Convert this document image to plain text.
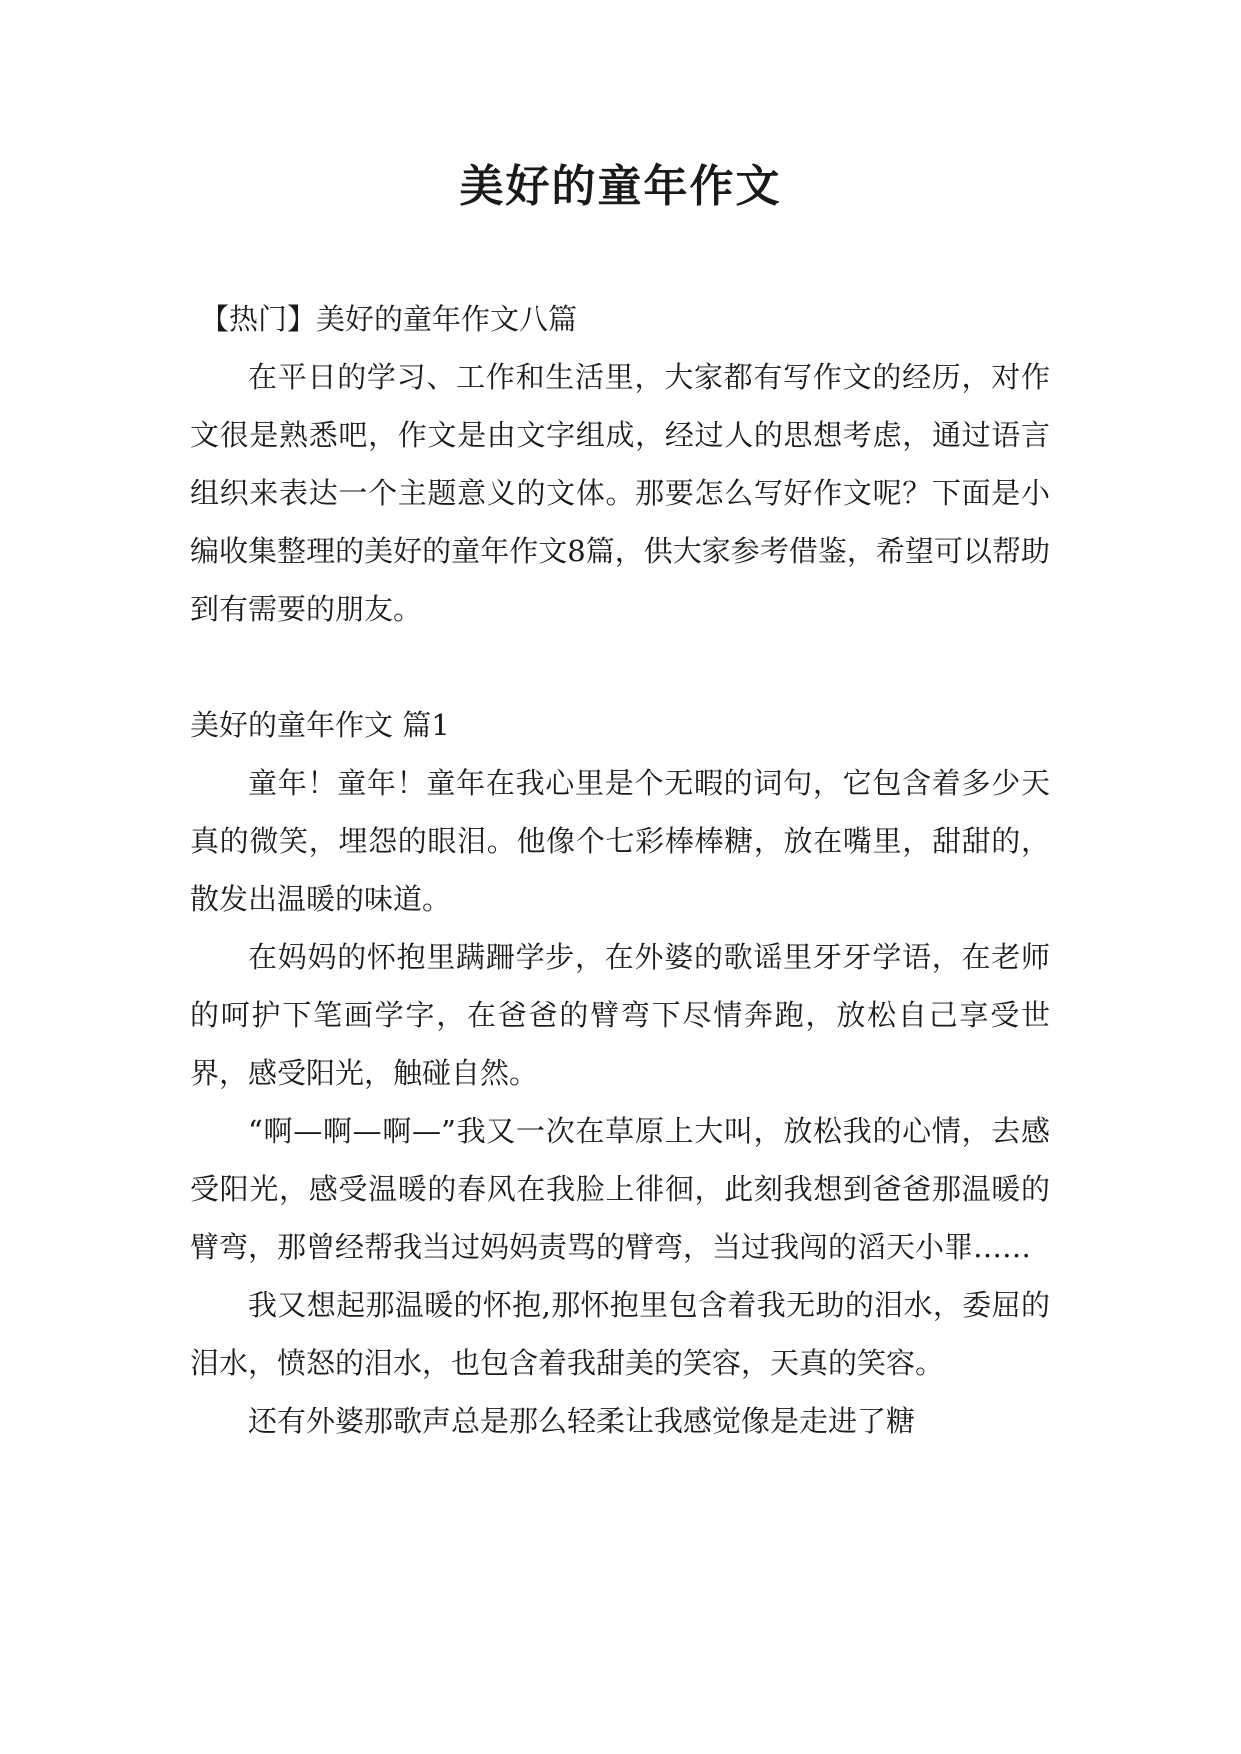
美好的童年作文

【热门】美好的童年作文八篇

在平日的学习、工作和生活里，大家都有写作文的经历，对作文很是熟悉吧，作文是由文字组成，经过人的思想考虑，通过语言组织来表达一个主题意义的文体。那要怎么写好作文呢？下面是小编收集整理的美好的童年作文8篇，供大家参考借鉴，希望可以帮助到有需要的朋友。

美好的童年作文 篇1

童年！童年！童年在我心里是个无暇的词句，它包含着多少天真的微笑，埋怨的眼泪。他像个七彩棒棒糖，放在嘴里，甜甜的，散发出温暖的味道。

在妈妈的怀抱里蹒跚学步，在外婆的歌谣里牙牙学语，在老师的呵护下笔画学字，在爸爸的臂弯下尽情奔跑，放松自己享受世界，感受阳光，触碰自然。

“啊—啊—啊—”我又一次在草原上大叫，放松我的心情，去感受阳光，感受温暖的春风在我脸上徘徊，此刻我想到爸爸那温暖的臂弯，那曾经帮我当过妈妈责骂的臂弯，当过我闯的滔天小罪……

我又想起那温暖的怀抱,那怀抱里包含着我无助的泪水，委屈的泪水，愤怒的泪水，也包含着我甜美的笑容，天真的笑容。

还有外婆那歌声总是那么轻柔让我感觉像是走进了糖
